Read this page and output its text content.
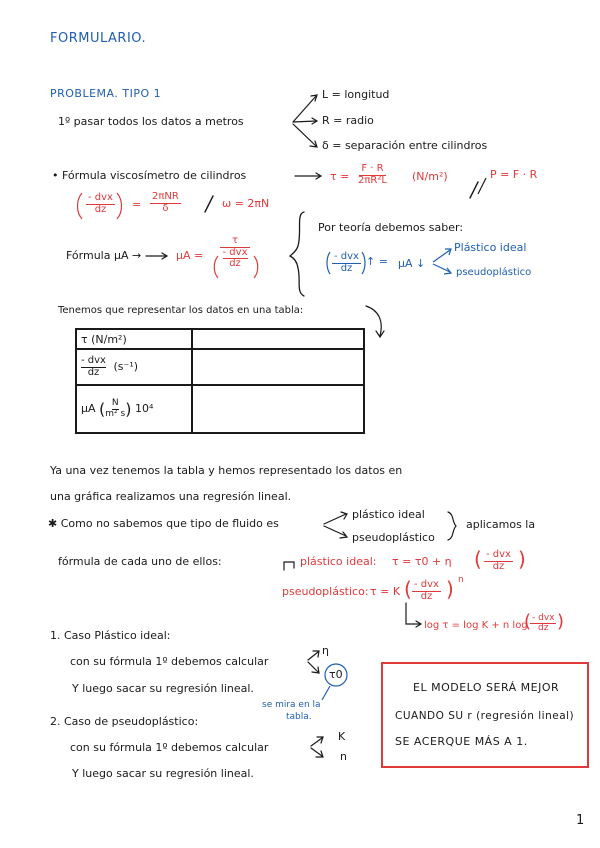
FORMULARIO.
PROBLEMA. TIPO 1
1º pasar todos los datos a metros
L = longitud
R = radio
δ = separación entre cilindros
• Fórmula viscosímetro de cilindros	$\tau = \frac{F \cdot R}{\text{2πR²L}} (N/m^2)$	P = F · R
- dvx
dz =
2πNR
δ	ω = 2πN
Fórmula μA →	μA =
τ
- dvx
dz
Por teoría debemos saber:
- dvx
dz ↑ = μA ↓
Plástico ideal
pseudoplástico
Tenemos que representar los datos en una tabla:
τ (N/m²)	

- dvx
dz (s⁻¹)	
μA ( $\frac{N}{\text{m² s}}$ ) 10⁴	
Ya una vez tenemos la tabla y hemos representado los datos en
una gráfica realizamos una regresión lineal.
✱ Como no sabemos que tipo de fluido es
plástico ideal
pseudoplástico
aplicamos la
fórmula de cada uno de ellos:	plástico ideal: τ = τ0 + η ( - dvx
dz )
pseudoplástico: τ = K ( - dvx
dz ) n
log τ = log K + n log
( - dvx
dz )
1. Caso Plástico ideal:
con su fórmula 1º debemos calcular
η
τ0
Y luego sacar su regresión lineal.
se mira en la
tabla.
2. Caso de pseudoplástico:
con su fórmula 1º debemos calcular
K
n
Y luego sacar su regresión lineal.
EL MODELO SERÁ MEJOR
CUANDO SU r (regresión lineal)
SE ACERQUE MÁS A 1.
1
